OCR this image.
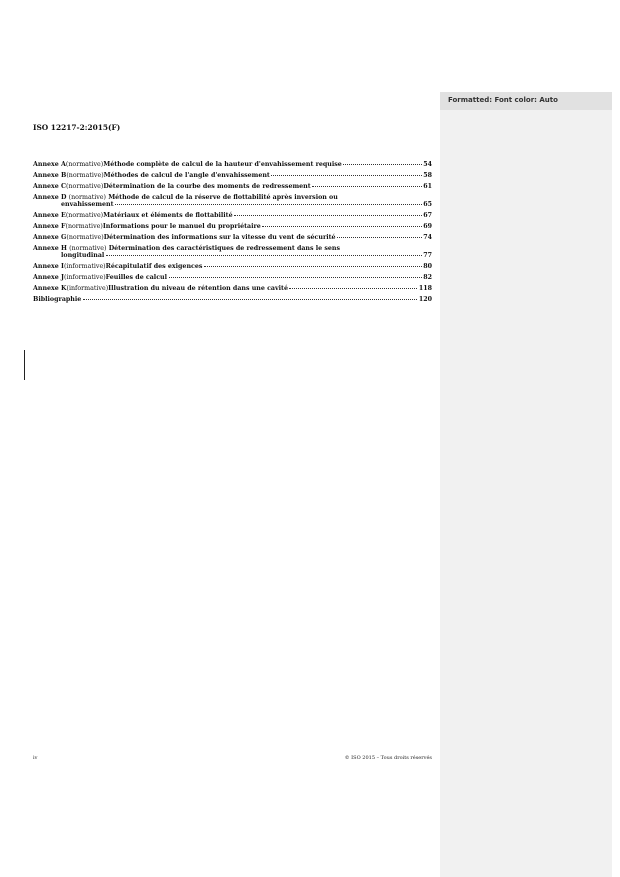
Formatted: Font color: Auto
ISO 12217-2:2015(F)
Annexe A (normative) Méthode complète de calcul de la hauteur d'envahissement requise	54
Annexe B (normative) Méthodes de calcul de l'angle d'envahissement	58
Annexe C (normative) Détermination de la courbe des moments de redressement	61
Annexe D (normative) Méthode de calcul de la réserve de flottabilité après inversion ou
envahissement	65
Annexe E (normative) Matériaux et éléments de flottabilité	67
Annexe F (normative) Informations pour le manuel du propriétaire	69
Annexe G (normative) Détermination des informations sur la vitesse du vent de sécurité	74
Annexe H (normative) Détermination des caractéristiques de redressement dans le sens
longitudinal	77
Annexe I (informative) Récapitulatif des exigences	80
Annexe J (informative) Feuilles de calcul	82
Annexe K (informative) Illustration du niveau de rétention dans une cavité	118
Bibliographie	120
iv	© ISO 2015 – Tous droits réservés
